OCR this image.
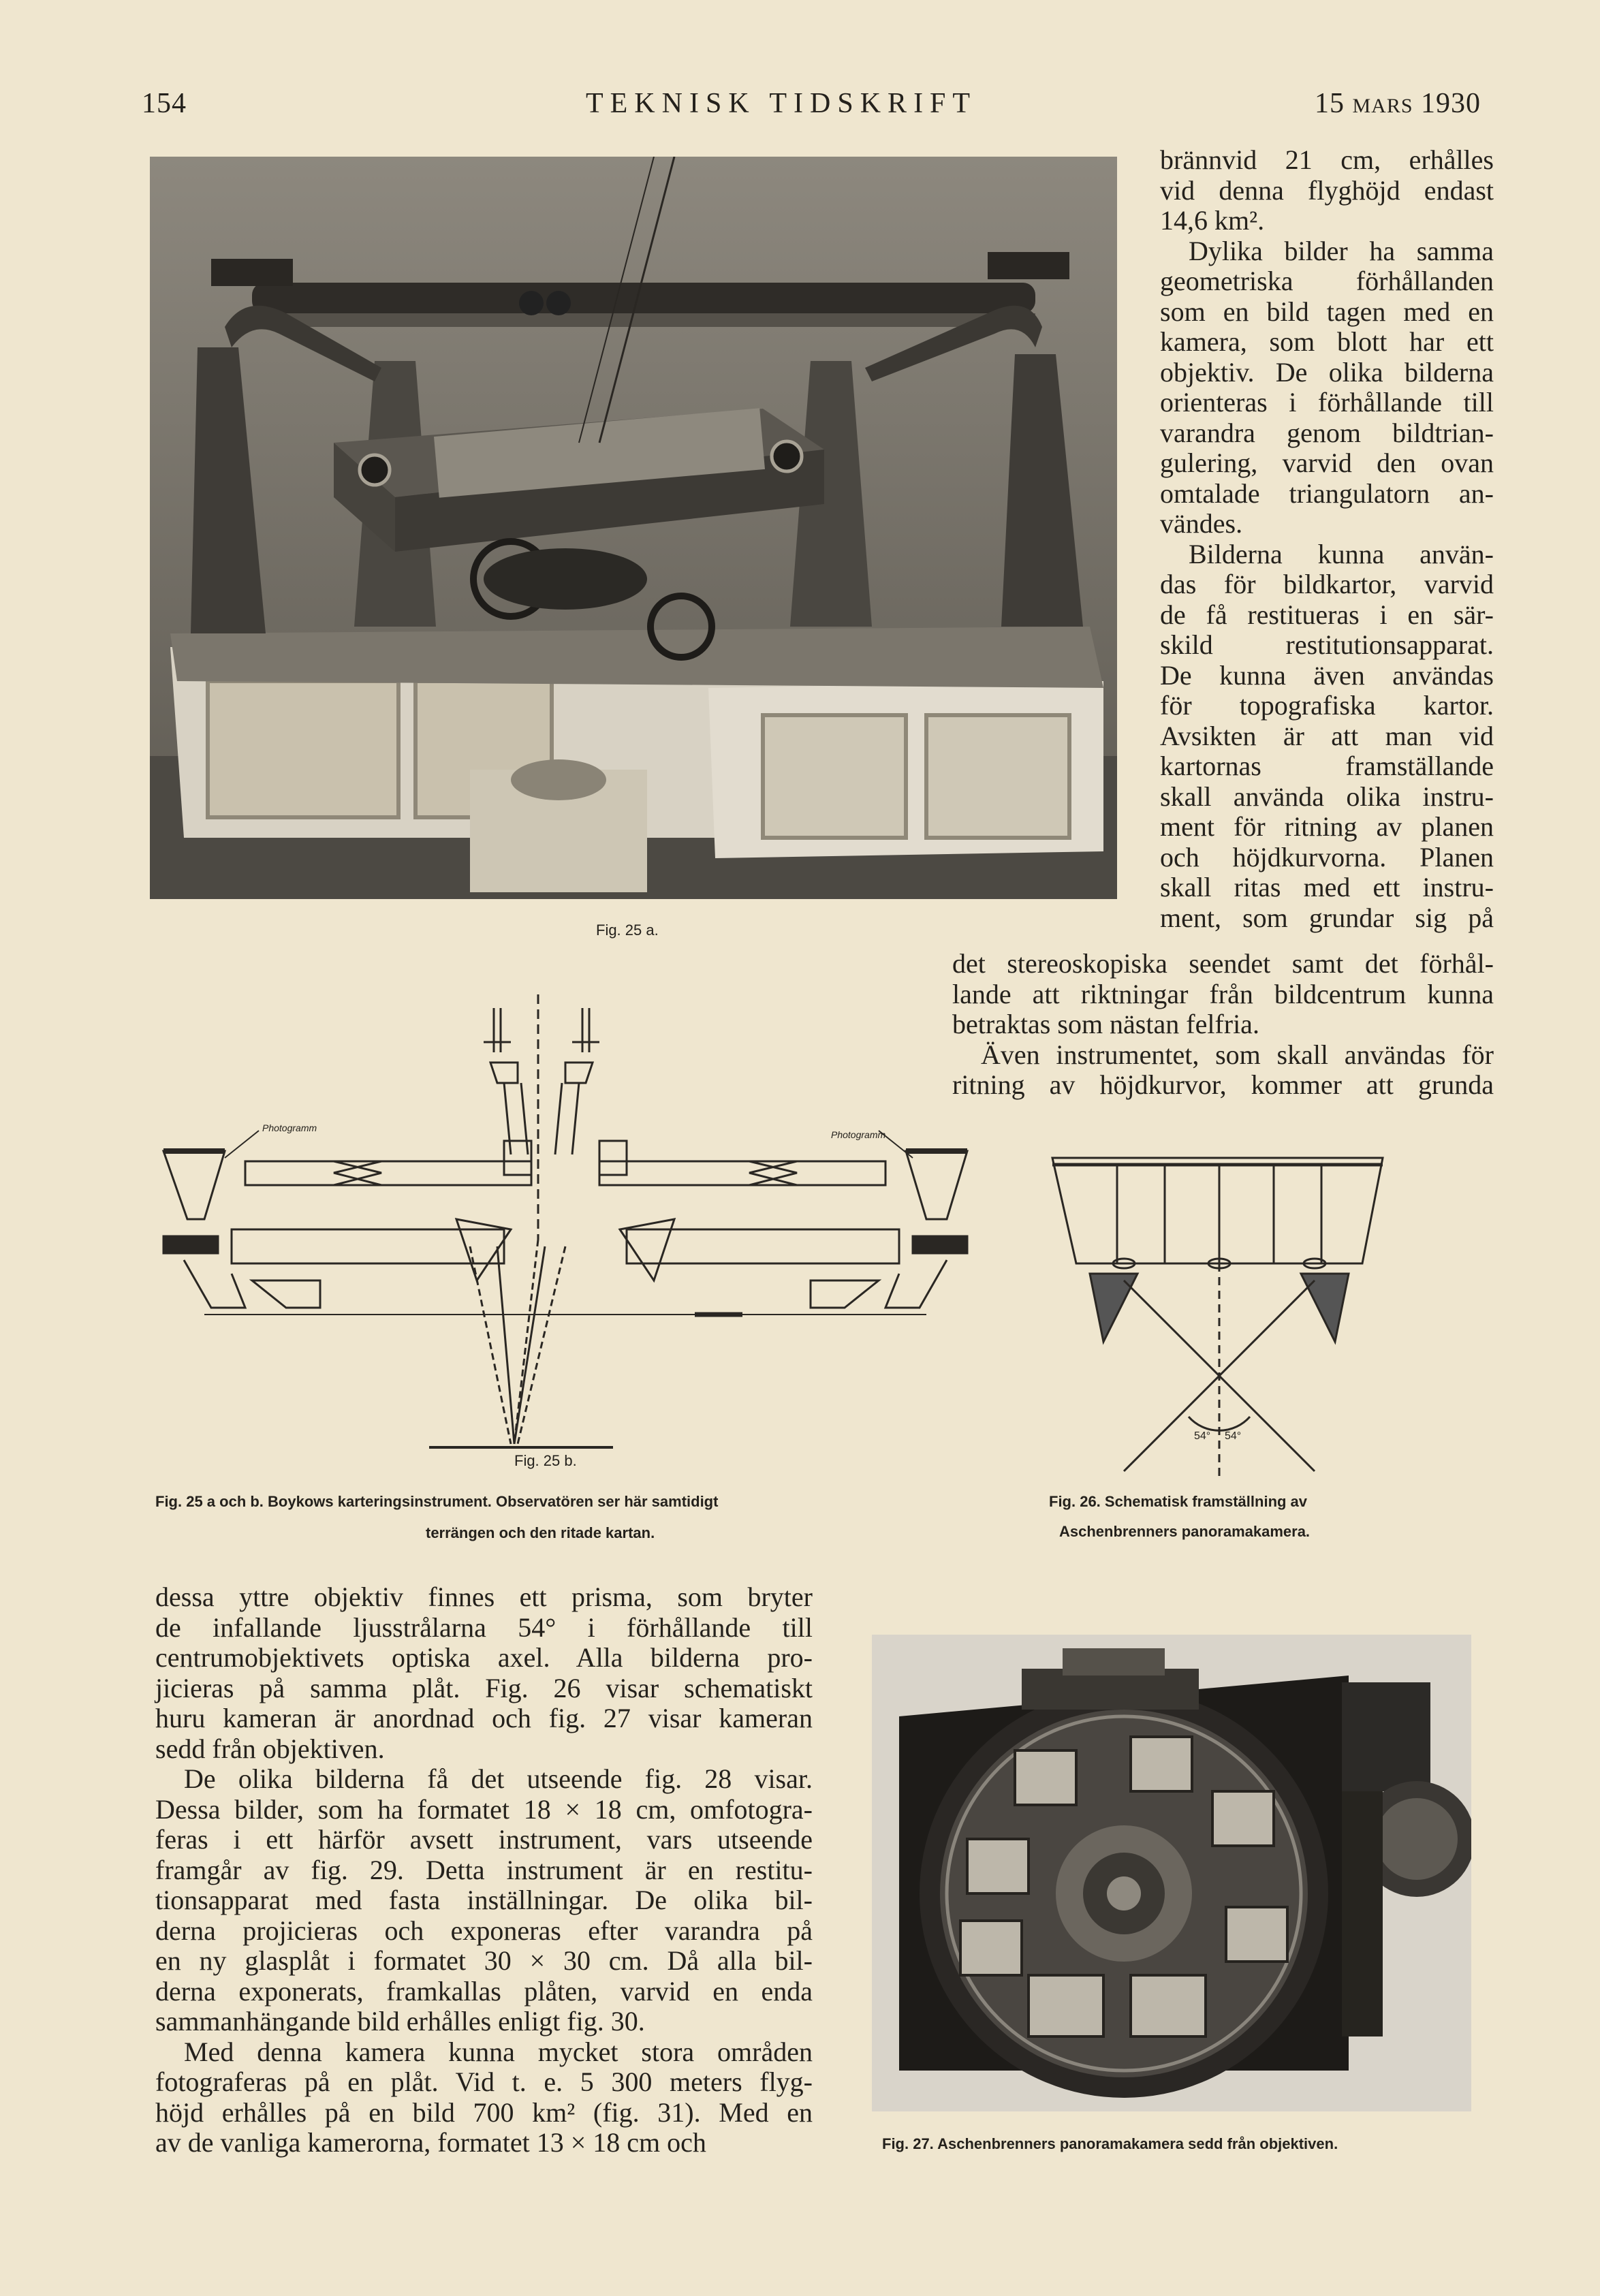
154	TEKNISK TIDSKRIFT	15 MARS 1930
Fig. 25 a.
brännvid 21 cm, erhålles
vid denna flyghöjd endast
14,6 km².
Dylika bilder ha samma
geometriska förhållanden
som en bild tagen med en
kamera, som blott har ett
objektiv. De olika bilderna
orienteras i förhållande till
varandra genom bildtrian-
gulering, varvid den ovan
omtalade triangulatorn an-
vändes.
Bilderna kunna använ-
das för bildkartor, varvid
de få restitueras i en sär-
skild restitutionsapparat.
De kunna även användas
för topografiska kartor.
Avsikten är att man vid
kartornas framställande
skall använda olika instru-
ment för ritning av planen
och höjdkurvorna. Planen
skall ritas med ett instru-
ment, som grundar sig på
det stereoskopiska seendet samt det förhål-
lande att riktningar från bildcentrum kunna
betraktas som nästan felfria.
Även instrumentet, som skall användas för
ritning av höjdkurvor, kommer att grunda
Photogramm
Photogramm
Fig. 25 b.
Fig. 25 a och b. Boykows karteringsinstrument. Observatören ser här samtidigt
terrängen och den ritade kartan.
54° 54°
Fig. 26. Schematisk framställning av
Aschenbrenners panoramakamera.
dessa yttre objektiv finnes ett prisma, som bryter
de infallande ljusstrålarna 54° i förhållande till
centrumobjektivets optiska axel. Alla bilderna pro-
jicieras på samma plåt. Fig. 26 visar schematiskt
huru kameran är anordnad och fig. 27 visar kameran
sedd från objektiven.
De olika bilderna få det utseende fig. 28 visar.
Dessa bilder, som ha formatet 18 × 18 cm, omfotogra-
feras i ett härför avsett instrument, vars utseende
framgår av fig. 29. Detta instrument är en restitu-
tionsapparat med fasta inställningar. De olika bil-
derna projicieras och exponeras efter varandra på
en ny glasplåt i formatet 30 × 30 cm. Då alla bil-
derna exponerats, framkallas plåten, varvid en enda
sammanhängande bild erhålles enligt fig. 30.
Med denna kamera kunna mycket stora områden
fotograferas på en plåt. Vid t. e. 5 300 meters flyg-
höjd erhålles på en bild 700 km² (fig. 31). Med en
av de vanliga kamerorna, formatet 13 × 18 cm och	Fig. 27. Aschenbrenners panoramakamera sedd från objektiven.
